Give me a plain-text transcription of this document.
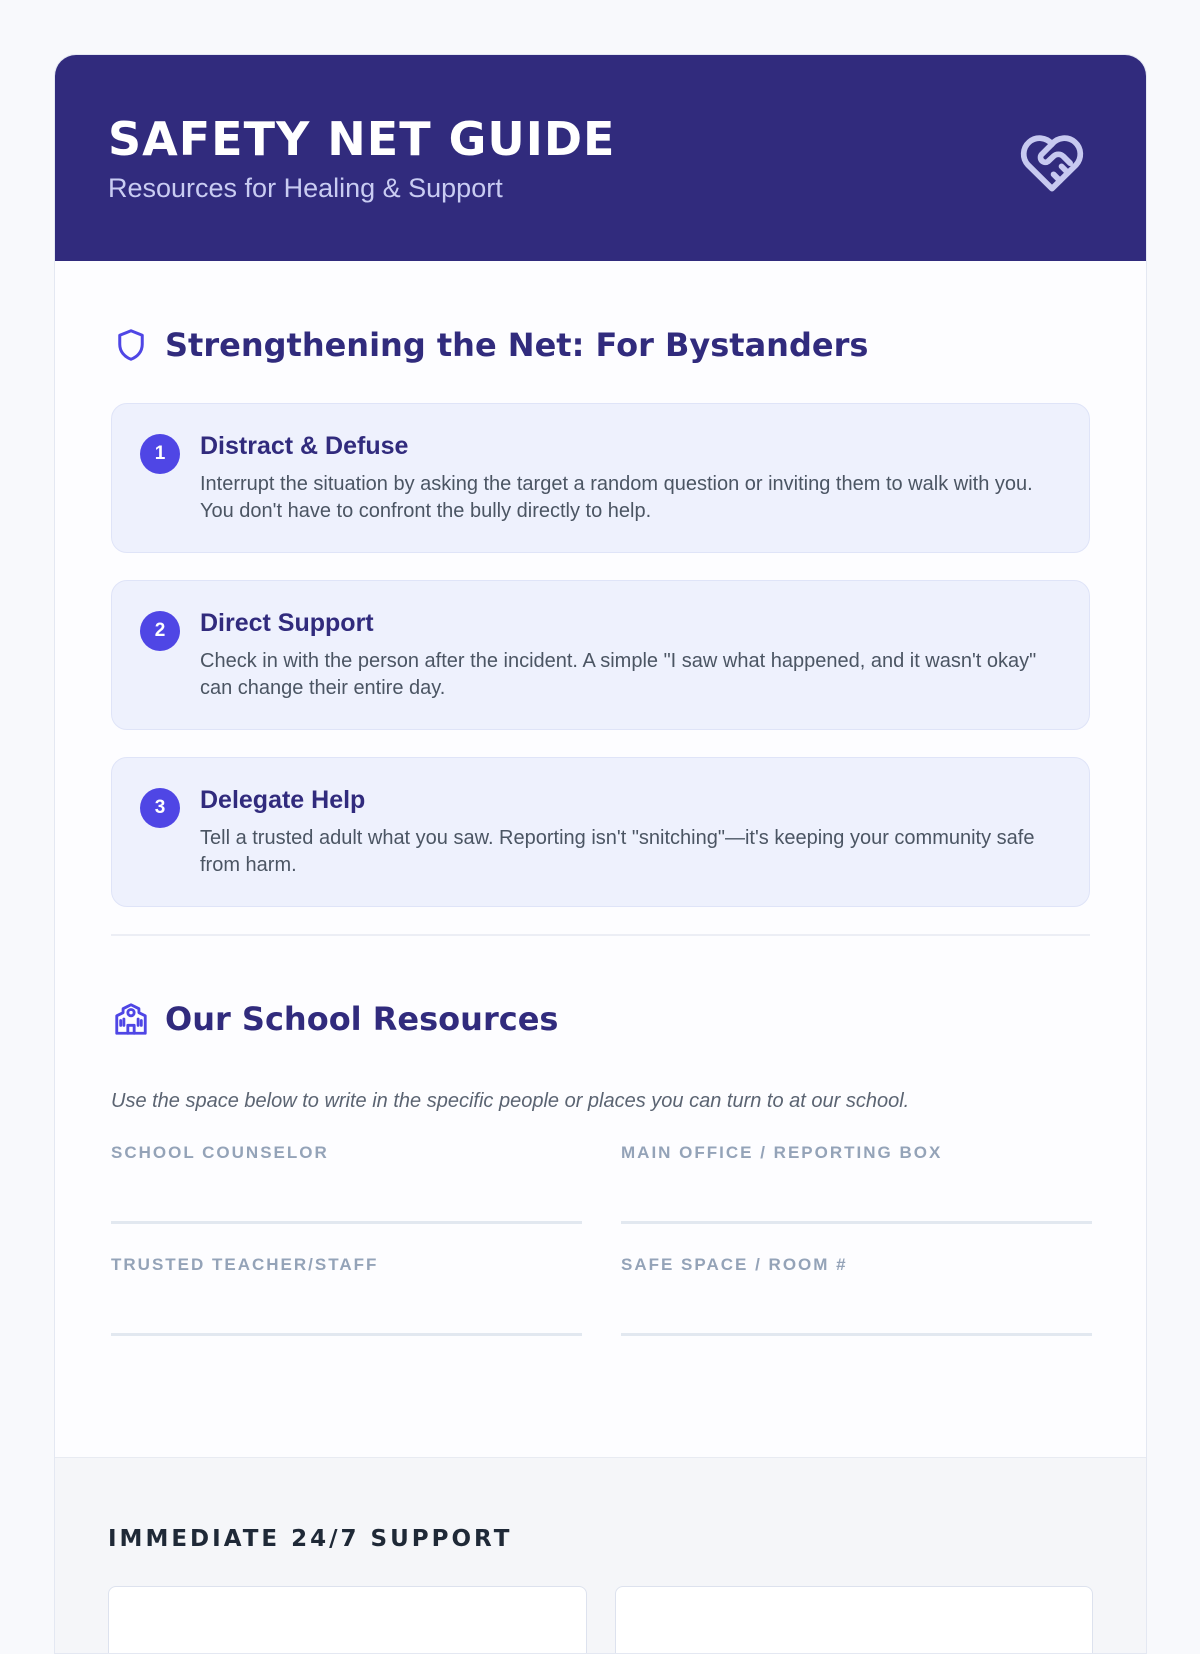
SAFETY NET GUIDE
Resources for Healing & Support
Strengthening the Net: For Bystanders
1	Distract & Defuse
Interrupt the situation by asking the target a random question or inviting them to walk with you. You don't have to confront the bully directly to help.
2	Direct Support
Check in with the person after the incident. A simple "I saw what happened, and it wasn't okay" can change their entire day.
3	Delegate Help
Tell a trusted adult what you saw. Reporting isn't "snitching"—it's keeping your community safe from harm.
Our School Resources

Use the space below to write in the specific people or places you can turn to at our school.

SCHOOL COUNSELOR	MAIN OFFICE / REPORTING BOX
TRUSTED TEACHER/STAFF	SAFE SPACE / ROOM #
IMMEDIATE 24/7 SUPPORT
